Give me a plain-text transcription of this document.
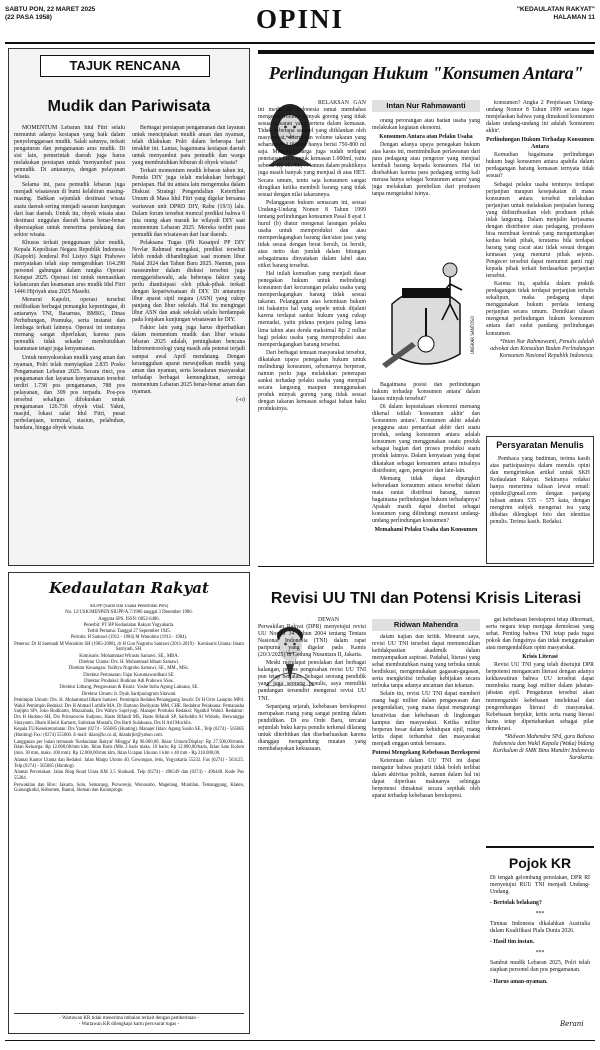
SABTU PON, 22 MARET 2025
(22 PASA 1958)	OPINI	"KEDAULATAN RAKYAT"
HALAMAN 11
TAJUK RENCANA
Mudik dan Pariwisata

MOMENTUM Lebaran Idul Fitri selalu menuntut adanya kesiapan yang baik dalam penyelenggaraan mudik. Salah satunya, terkait pengaturan dan pengamanan arus mudik. Di sisi lain, pemerintah daerah juga harus melakukan persiapan untuk 'menyambut' para pemudik. Di antaranya, dengan pelayanan wisata.

Selama ini, para pemudik lebaran juga menjadi wisatawan di bumi kelahiran masing-masing. Bahkan sejumlah destinasi wisata suatu daerah sering menjadi sasaran kunjungan dari luar daerah. Untuk itu, obyek wisata atau destinasi unggulan daerah harus benar-benar dipersiapkan untuk menerima pendatang dan sektor wisata.

Khusus terkait penggunaan jalur mudik, Kepala Kepolisian Negara Republik Indonesia (Kapolri) Jenderal Pol Listyo Sigit Prabowo menyatakan telah siap mengerahkan 164.298 personel gabungan dalam rangka Operasi Ketupat 2025. Operasi ini untuk memastikan kelancaran dan keamanan arus mudik Idul Fitri 1446 Hijriyah atau 2025 Masehi.

Menurut Kapolri, operasi tersebut melibatkan berbagai pemangku kepentingan, di antaranya TNI, Basarnas, BMKG, Dinas Perhubungan, Pramuka, serta instansi dan lembaga terkait lainnya. Operasi ini tentunya memang sangat diperlukan, karena para pemudik tidak sekadar membutuhkan keamanan tetapi juga kenyamanan.

Untuk menyukseskan mudik yang aman dan nyaman, Polri telah menyiapkan 2.835 Posko Pengamanan Lebaran 2025. Secara rinci, pos pengamanan dan layanan kenyamanan tersebut terdiri 1.738 pos pengamanan, 788 pos pelayanan, dan 309 pos terpadu. Pos-pos tersebut sekaligus difokuskan untuk pengamanan 126.736 obyek vital. Yakni, masjid, lokasi salat Idul Fitri, pusat perbelanjaan, terminal, stasiun, pelabuhan, bandara, hingga obyek wisata.

Berbagai persiapan pengamanan dan layanan untuk menciptakan mudik aman dan nyaman, telah dilakukan Polri dalam beberapa hari terakhir ini. Lantas, bagaimana kesiapan daerah untuk menyambut para pemudik dan warga yang membutuhkan hiburan di obyek wisata?

Terkait momentum mudik lebaran tahun ini, Pemda DIY juga telah melakukan berbagai persiapan. Hal itu antara lain mengemuka dalam Diskusi Strategi Pengendalian Ketertiban Umum di Masa Idul Fitri yang digelar bersama wartawan unit DPRD DIY, Rabu (19/3) lalu. Dalam forum tersebut muncul prediksi bahwa 6 juta orang akan masuk ke wilayah DIY saat momentum Lebaran 2025. Mereka terdiri para pemudik dan wisatawan dari luar daerah.

Pelaksana Tugas (Plt Kasatpol PP DIY Novlar Rahmad mengakui, prediksi tersebut lebih rendah dibandingkan saat momen libur Natal 2024 dan Tahun Baru 2025. Namun, para narasumber dalam diskusi tersebut juga menggarisbawahi, ada beberapa faktor yang perlu diantisipasi oleh pihak-pihak terkait dengan kepariwisataan di DIY. Di antaranya libur aparat sipil negara (ASN) yang cukup panjang dan libur sekolah. Hal itu mengingat libur ASN dan anak sekolah selalu berdampak pada lonjakan kunjungan wisatawan ke DIY.

Faktor lain yang juga harus diperhatikan dalam momentum mudik dan libur wisata lebaran 2025 adalah, peningkatan bencana hidrometeorologi yang masih ada potensi terjadi sampai awal April mendatang. Dengan kesungguhan aparat mewujudkan mudik yang aman dan nyaman, serta kesadaran masyarakat terhadap berbagai kemungkinan, semoga momentum Lebaran 2025 benar-benar aman dan nyaman.

(-o)

Kedaulatan Rakyat
SIUPP (Surat Izin Usaha Penerbitan Pers)
No. 12/1/SK/MENPEN/SIUPP/A.7/1986 tanggal 3 Desember 1986.
Anggota SPS. ISSN: 0852-6486.
Penerbit: PT BP Kedaulatan Rakyat Yogyakarta.
Terbit Pertama: Tanggal 27 September 1945.
Perintis: H Samawi (1913 - 1984) M Wonohito (1912 - 1984).
Penerus: Dr H Soemadi M Wonohito SH (1985-2008), dr H Gun Nugroho Samawi (2011-2019) · Komisaris Utama: Imam Satriyadi, SH.
Komisaris: Mohammad Wirasto Samawi, SE., MBA.
Direktur Utama: Drs. H. Mohammad Idham Samawi.
Direktur Keuangan: Yuditya Nugroho Samawi, SE., MM., MSc.
Direktur Pemasaran: Fajar Kusumawardhani SE.
Direktur Produksi: Budiono Adi Prabowo SSos.
Direktur Litbang, Pengawasan & Bisnis: Yoshe Indra Agung Laksana, SE.
Direktur Umum: Ir. Dyah Sardjuningrum Sitawati.
Pemimpin Umum: Drs. H. Mohammad Idham Samawi. Pemimpin Redaksi/Penanggung Jawab: Dr H Octo Lampito MPd. Wakil Pemimpin Redaksi: Drs H Ahmad Luthfie MA, Dr Hartono Budiyanto MM, CHE. Redaktur Pelaksana: Pemanasha Sutjipto SPt, Joko Budhiarto, Muzzahada, Drs Wahyu Supriyogi. Manajer Produksi Redaksi: Ngatikil Wahid. Redaktur: Drs H Hudono SH, Drs Primaswolo Sudjono, Hasto Rifandi MS, Hasto Rifandi SP, Saifuddin Al Widodo, Herwangga Sinayanto, Ilham Khoiri Kartarst, Subiskan Mustafa, Drs Barti Sulaksana, Drs H Arif Muchlis.
Kepala TU/Kesekretariatan: Drs Yaner (0274 - 565685 (Hunting). Manajer Iklan: Agung Susilo SE., Telp (0274) - 565685 (Hunting) Fax: (0274) 555660. E-mail: iklan@kr.co.id, iklankrjkt@yahoo.com.
Langganan per bulan termasuk 'Kedaulatan Rakyat' Minggu' Rp 96.000,00. Iklan: Umum/Display: Rp 27.500,00/mmk. Iklan Keluarga: Rp 12.000,00/mm klm. Iklan Baris (Min 2 baris maks. 10 baris; Rp 12.000,00/baris, Iklan Satu Kolom (min. 30 mm, maks. 100 mm): Rp 12.000,00/mm klm, Iklan Ucapan Ukuran 1 klm x 40 mm - Rp 210.000,00.
Alamat Kantor Utama dan Redaksi: Jalan Margo Utomo 40, Gowongan, Jetis, Yogyakarta 55232. Fax (0274) - 563125. Telp (0274) - 565685 (Hunting).
Alamat Percetakan: Jalan Ring Road Utara KM 3.5 Sinduadi. Telp (0274) - 496549 dan (0274) - 496448. Kode Pos 55284.
Perwakilan dan Biro: Jakarta, Solo, Semarang, Purworejo, Wonosobo, Magelang, Muntilan, Temanggung, Klaten, Gunungkidul, Kebumen, Bantul, Sleman dan Kulonprogo.
- Wartawan KR tidak menerima imbalan terkait dengan pemberitaan -
- Wartawan KR dilengkapi kartu pers/surat tugas -
Perlindungan Hukum "Konsumen Antara"
Intan Nur Rahmawanti

RELAKSAN GAN ini media di Indonesia ramai membahas mengenai volume minyak goreng yang tidak sesuai takaran yang tertera dalam kemasan. Tidak beberapa sampel yang diiklankan oleh masyarakat, ditemukan volume takaran yang seharusnya 1.000 ml hanya berisi 750-800 ml saja. Menemui harga juga sudah terdapat penetapan HET untuk kemasan 1.000ml, yaitu sebesar Rp 15.700,-. Namun dalam praktiknya juga masih banyak yang menjual di atas HET. Secara umum, tentu saja konsumen sangat dirugikan ketika membeli barang yang tidak sesuai dengan nilai takarannya.

Pelanggaran hukum semacam ini, sesuai Undang-Undang Nomor 8 Tahun 1999 tentang perlindungan konsumen Pasal 8 ayat 1 huruf (b) diatur mengenai larangan pelaku usaha untuk memproduksi dan atau memperdagangkan barang dan/atau jasa yang tidak sesuai dengan berat bersih, isi bersih, atau netto dan jumlah dalam hitungan sebagaimana dinyatakan dalam label atau etiket barang tersebut.

Hal inilah kemudian yang menjadi dasar penegakan hukum untuk melindungi konsumen dari kecurangan pelaku usaha yang memperdagangkan barang tidak sesuai takaran. Pelanggaran atas ketentuan hukum ini bakatnya hal yang sepele untuk dijalani karena terdapat sanksi hukum yang cukup memadai, yaitu pidana penjara paling lama lima tahun atau denda maksimal Rp 2 miliar bagi pelaku usaha yang memproduksi atau memperdagangkan barang tersebut.

Dari berbagai temuan masyarakat tersebut, dikatakan upaya penegakan hukum untuk melindungi konsumen, sebenarnya berperan, namun perlu juga melakukan penerapan sanksi terhadap pelaku usaha yang menjual secara langsung maupun menggunakan produk minyak goreng yang tidak sesuai dengan takaran kemasan sebagai bahan baku produksinya.

orang perorangan atau badan usaha yang melakukan kegiatan ekonomi.

Konsumen Antara atau Pelaku Usaha

Dengan adanya upaya penegakan hukum atas kasus ini, memimbulkan perlawanan dari para pedagang atau pengecer yang menjual kembali barang kepada konsumen. Hal ini disebabkan karena para pedagang sering kali merasa hanya sebagai 'konsumen antara' yang juga melakukan pembelian dari produsen tanpa mengetahui isinya.

UNGKAR SANTOSO

Bagaimana posisi dan perlindungan hukum terhadap 'konsumen antara' dalam kasus minyak tersebut?

Di dalam kepustakaan ekonomi memang dikenal istilah 'konsumen akhir' dan 'konsumen antara'. Konsumen akhir adalah pengguna atau pemanfaat akhir dari suatu produk, sedang konsumen antara adalah konsumen yang menggunakan suatu produk sebagai bagian dari proses produksi suatu produk lainnya. Dalam kenyataan yang dapat dikatakan sebagai konsumen antara misalnya distributor, agen, pengecer dan lain-lain.

Memang tidak dapat dipungkiri keberadaan konsumen antara tersebut dalam mata rantai distribusi barang, namun bagaimana perlindungan hukum terhadapnya? Apakah masih dapat disebut sebagai konsumen yang dilindungi menurut undang-undang perlindungan konsumen?

Memahami Pelaku Usaha dan Konsumen

konsumen? Angka 2 Penjelasan Undang-undang Nomor 8 Tahun 1999 secara tegas menjelaskan bahwa yang dimaksud konsumen dalam undang-undang ini adalah 'konsumen akhir'.

Perlindungan Hukum Terhadap Konsumen Antara

Kemudian bagaimana perlindungan hukum bagi konsumen antara apabila dalam perdagangan barang kemasan ternyata tidak sesuai?

Sebagai pelaku usaha tentunya terdapat perjanjian maupun kesepakatan di mana konsumen antara tersebut melakukan perjanjian untuk melakukan penjualan barang yang didistribusikan oleh produsen pihak tidak langsung. Dalam menjalin kerjasama dengan distributor atau pedagang, produsen bisa membuat kontrak yang menguntungkan kedua belah pihak, terutama bila terdapat barang yang cacat atau tidak sesuai dengan kemasan yang menurut pihak sejenis. Pengecer tersebut dapat menuntut ganti rugi kepada pihak terkait berdasarkan perjanjian tersebut.

Karena itu, apabila dalam praktik perdagangan tidak terdapat perjanjian tertulis sekalipun, maka pedagang dapat menggunakan hukum perdata tentang perjanjian secara umum. Demikian ulasan mengenai perlindungan hukum konsumen antara dari sudut pandang perlindungan konsumen.

*Intan Nur Rahmawanti, Penulis adalah advokat dan Konsultan Badan Perlindungan Konsumen Nasional Republik Indonesia.

Persyaratan Menulis

Pembaca yang budiman, terima kasih atas partisipasinya dalam menulis opini dan mengirimkan artikel untuk SKH Kedaulatan Rakyat. Sekiranya redaksi hanya menerima tulisan lewat email: opinikr@gmail.com dengan panjang tulisan antara 535 - 575 kata, dengan mengirim subjek mengenai isu yang dibahas dilengkapi foto dan identitas penulis. Terima kasih. Redaksi.

Revisi UU TNI dan Potensi Krisis Literasi
Ridwan Mahendra

DEWAN Perwakilan Rakyat (DPR) menyetujui revisi UU Nomor 34 Tahun 2004 tentang Tentara Nasional Indonesia (TNI) dalam rapat paripurna yang digelar pada Kamis (20/3/2025) di Gedung Nusantara II, Jakarta.

Meski mendapat penolakan dari berbagai kalangan, proses pengesahan revisi UU TNI pun tetap berjalan. Sebagai seorang pendidik yang juga seorang penulis, saya memiliki pandangan tersendiri mengenai revisi UU TNI.

Sepanjang sejarah, kebebasan berekspresi merupakan ruang yang sangat penting dalam pendidikan. Di era Orde Baru, tercatat sejumlah buku karya penulis terkenal dilarang untuk diterbitkan dan disebarluaskan karena dianggap mengandung muatan yang membahayakan kekuasaan.

dalam kajian dan kritik. Menurut saya, revisi UU TNI tersebut dapat memunculkan ketidakpastian akademik dalam menyampaikan aspirasi. Padahal, literasi yang sehat membutuhkan ruang yang terbuka untuk berdiskusi, mengemukakan gagasan-gagasan, serta mengkritisi terhadap kebijakan secara terbuka tanpa adanya ancaman dan tekanan.

Selain itu, revisi UU TNI dapat memberi ruang bagi militer dalam pengawasan dan pengendalian, yang mana dapat mengurangi kreativitas dan kebebasan di lingkungan kampus dan masyarakat. Ketika militer berperan besar dalam kehidupan sipil, ruang kritis dapat terhambat dan masyarakat menjadi enggan untuk bersuara.

Potensi Mengekang Kebebasan Berekspresi

Ketentuan dalam UU TNI ini dapat mengatur bahwa prajurit tidak boleh terlibat dalam aktivitas politik, namun dalam hal ini dapat diperluas maknanya sehingga berpotensi dimaknai secara sepihak oleh aparat terhadap kebebasan berekspresi.

gat kebebasan berekspresi tetap dihormati, serta negara tetap menjaga demokrasi yang sehat. Penting bahwa TNI tetap pada tugas pokok dan fungsinya dan tidak menggunakan atau mengendalikan opini masyarakat.

Krisis Literasi

Revisi UU TNI yang telah disetujui DPR berpotensi mengancam literasi dengan adanya kekhawatiran bahwa UU tersebut dapat membuka ruang bagi militer dalam jabatan-jabatan sipil. Pengaturan tersebut akan memengaruhi kebebasan intelektual dan pengembangan literasi di masyarakat. Kebebasan berpikir, kritis serta ruang literasi harus tetap dipertahankan sebagai pilar demokrasi.

*Ridwan Mahendra SPd, guru Bahasa Indonesia dan Wakil Kepala (Waka) bidang Kurikulum di SMK Bina Mandiri Indonesia Surakarta.

Pojok KR

Di tengah gelombang penolakan, DPR RI menyetujui RUU TNI menjadi Undang-Undang.

- Bertolak belakang?

***

Timnas Indonesia dikalahkan Australia dalam Kualifikasi Piala Dunia 2026.

- Hasil tim instan.

***

Sambut mudik Lebaran 2025, Polri telah siapkan personel dan pos pengamanan.

- Harus aman-nyaman.

Berani
